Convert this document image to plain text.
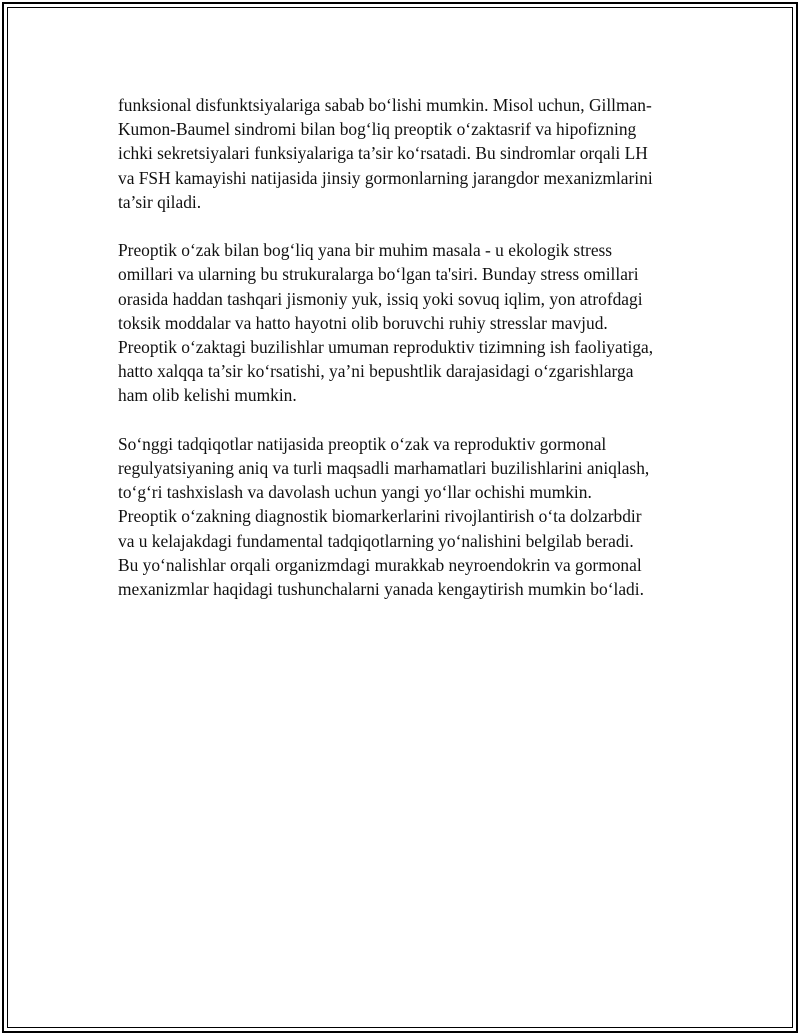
funksional disfunktsiyalariga sabab bo‘lishi mumkin. Misol uchun, Gillman-
Kumon-Baumel sindromi bilan bog‘liq preoptik o‘zaktasrif va hipofizning
ichki sekretsiyalari funksiyalariga ta’sir ko‘rsatadi. Bu sindromlar orqali LH
va FSH kamayishi natijasida jinsiy gormonlarning jarangdor mexanizmlarini
ta’sir qiladi.

Preoptik o‘zak bilan bog‘liq yana bir muhim masala - u ekologik stress
omillari va ularning bu strukuralarga bo‘lgan ta'siri. Bunday stress omillari
orasida haddan tashqari jismoniy yuk, issiq yoki sovuq iqlim, yon atrofdagi
toksik moddalar va hatto hayotni olib boruvchi ruhiy stresslar mavjud.
Preoptik o‘zaktagi buzilishlar umuman reproduktiv tizimning ish faoliyatiga,
hatto xalqqa ta’sir ko‘rsatishi, ya’ni bepushtlik darajasidagi o‘zgarishlarga
ham olib kelishi mumkin.

So‘nggi tadqiqotlar natijasida preoptik o‘zak va reproduktiv gormonal
regulyatsiyaning aniq va turli maqsadli marhamatlari buzilishlarini aniqlash,
to‘g‘ri tashxislash va davolash uchun yangi yo‘llar ochishi mumkin.
Preoptik o‘zakning diagnostik biomarkerlarini rivojlantirish o‘ta dolzarbdir
va u kelajakdagi fundamental tadqiqotlarning yo‘nalishini belgilab beradi.
Bu yo‘nalishlar orqali organizmdagi murakkab neyroendokrin va gormonal
mexanizmlar haqidagi tushunchalarni yanada kengaytirish mumkin bo‘ladi.
